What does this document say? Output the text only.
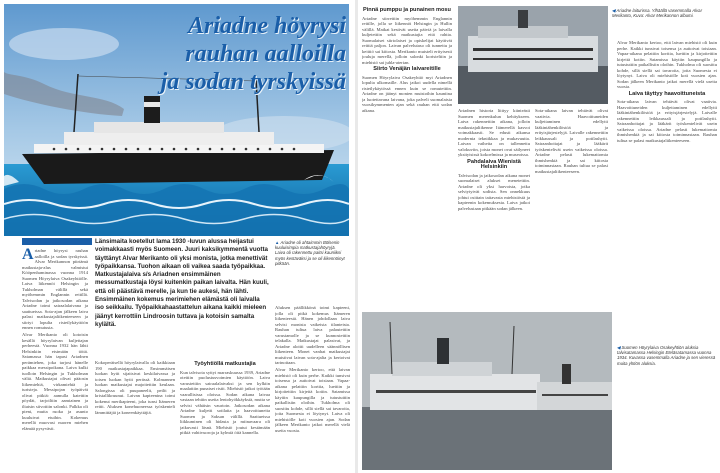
Ariadne höyrysi
rauhan aalloilla
ja sodan tyrskyissä

Ariadne höyrysi rauhan aalloilla ja sodan tyrskyissä. Alvar Merikannon piirtämä matkustaja-alus valmistui Kööpenhaminassa vuonna 1914 Suomen Höyrylaiva Osakeyhtiölle. Laiva liikennöi Helsingin ja Tukholman välillä sekä myöhemmin Englannin reitillä. Talvisodan ja jatkosodan aikana Ariadne toimi sairaalalaivana ja saattueissa. Sota-ajan jälkeen laiva palasi matkustajaliikenteeseen ja siirtyi lopulta risteilykäyttöön ennen romutusta.

Alvar Merikanto oli kotoisin kesällä höyrylaivan kuljettajan perheestä. Vuonna 1932 hän lähti Helsinkiin etsimään töitä. Satamassa hän tapasi Ariadnen perämiehen, joka tarjosi hänelle paikkaa messipoikana. Laiva kulki tuolloin Helsingin ja Tukholman väliä. Matkustajat olivat pääosin liikemiehiä, virkamiehiä ja turisteja. Messipojan työpäivät olivat pitkiä: aamulla katettiin pöydät, tarjoiltiin aamiainen ja iltaisin siivottiin salonki. Palkka oli pieni, mutta ruoka ja asunto kuuluivat etuihin. Kokemus merellä muovasi nuoren miehen elämää pysyvästi.

Länsimaita koetellut lama 1930 -luvun alussa heijastui voimakkaasti myös Suomeen. Juuri kaksikymmentä vuotta täyttänyt Alvar Merikanto oli yksi monista, jotka menettivät työpaikkansa. Tuohon aikaan oli vaikea saada työpaikkaa. Matkustajalaiva s/s Ariadnen ensimmäinen messumatkustaja löysi kuitenkin paikan laivalta. Hän kuuli, että oli päästävä merelle, ja kun tie aukesi, hän lähti. Ensimmäinen kokemus merimiehen elämästä oli laivalla iso seikkailu. Työpaikkahaastattelun aikana kaikki mieleen jäänyt kerrottiin Lindroosin tuttava ja kotoisin samalta kylältä.

Kokoperäisellä höyrylaivalla oli kaikkiaan 190 matkustajapaikkaa. Ensimmäisen luokan hytit sijaitsivat keskilaivassa ja toisen luokan hytit perässä. Kolmannen luokan matkustajat majoitettiin keulaan. Salongissa oli puupaneelit, peilit ja kristallikruunut. Laivan kapteenina toimi kokenut merikapteeni, joka tunsi Itämeren reitit. Aluksen konehuoneessa työskenteli lämmittäjiä ja koneenkäyttäjiä.

Työyhtiöllä matkustajia

Kun talvisota syttyi marraskuussa 1939, Ariadne otettiin puolustusvoimien käyttöön. Laiva varustettiin sairaalalaivaksi ja sen kylkiin maalattiin punaiset ristit. Miehistö jatkoi työtään vaarallisissa oloissa. Sodan aikana laivaa vastaan tehtiin useita lentohyökkäyksiä, mutta se selvisi vähäisin vaurioin. Jatkosodan aikana Ariadne kuljetti sotilaita ja haavoittuneita Suomen ja Saksan välillä. Saattueissa liikkuminen oli hidasta ja miinavaara oli jatkuvasti läsnä. Miehistö joutui kestämään pitkiä vahtivuoroja ja kylmiä öitä kannella.

▲ Ariadne oli ahtaimmin Bölsenin kuuluisimpia matkustajahöyryjä. Laiva oli rakennettu paitsi kauniiksi myös kestäväksi ja se oli liikennöinyt pitkään.

Aluksen päällikkönä toimi kapteeni, jolla oli pitkä kokemus Itämeren liikenteestä. Hänen johdollaan laiva selvisi monista vaikeista tilanteista. Rauhan tultua laiva palautettiin varustamolle ja se kunnostettiin telakalla. Matkustajat palasivat, ja Ariadne aloitti uudelleen säännöllisen liikenteen. Monet vanhat matkustajat muistivat laivan sota-ajalta ja kertoivat tarinoitaan.

Alvar Merikanto kertoo, että laivan miehistö oli kuin perhe. Kaikki tunsivat toisensa ja auttoivat toisiaan. Vapaa-aikana pelattiin korttia, luettiin ja kirjoitettiin kirjeitä kotiin. Satamissa käytiin kaupungilla ja tutustuttiin paikallisiin oloihin. Tukholma oli suosittu kohde, sillä siellä sai tavaroita, joita Suomesta ei löytynyt. Laiva oli miehistölle koti vuosien ajan. Sodan jälkeen Merikanto jatkoi merellä vielä useita vuosia.

Pinnä pumppu ja punainen mosu

Ariadne siirrettiin myöhemmin Englannin reitille, jolla se liikennöi Helsingin ja Hullin välillä. Matkat kestivät useita päiviä ja laivalla kuljetettiin sekä matkustajia että rahtia. Suomalaiset siirtolaiset ja opiskelijat käyttivät reittiä paljon. Laivan palvelutaso oli tunnettu ja keittiö sai kiitosta. Merikanto muisteli erityisesti jouluja merellä, jolloin salonki koristeltiin ja miehistö sai juhla-aterian.

Siirto Venäjän laivareitille

Suomen Höyrylaiva Osakeyhtiö myi Ariadnen lopulta ulkomaille. Alus jatkoi uudella nimellä risteilykäytössä ennen kuin se romutettiin. Ariadne on jäänyt monien muistoihin kauniina ja luotettavana laivana, joka palveli suomalaisia vuosikymmenten ajan sekä rauhan että sodan aikana.

◀ Ariadne laiturissa. Ylhäällä vasemmalla Alvar Merikanto, Kuva: Alvar Merikannon albumi.

Ariadnen historia liittyy kiinteästi Suomen merenkulun kehitykseen. Laiva rakennettiin aikana, jolloin matkustajaliikenne Itämerellä kasvoi voimakkaasti. Se edusti aikansa modernia tekniikkaa ja mukavuutta. Laivan vaiheita on tallennettu valokuviin, joista monet ovat säilyneet yksityisissä kokoelmissa ja museoissa.

Pahdalaiva Wienistä Helsinkiin

Talvisodan ja jatkosodan aikana monet suomalaiset alukset menetettiin. Ariadne oli yksi harvoista, jotka selviytyivät sodista. Sen onnekkuus johtui osittain taitavasta miehistöstä ja kapteenin kokemuksesta. Laiva jatkoi palvelustaan pitkään sodan jälkeen.

Sota-aikana laivan tehtävät olivat vaativia. Haavoittuneiden kuljettaminen edellytti lääkintähenkilöstöä ja erityisjärjestelyjä. Laivalle rakennettiin leikkaussali ja potilashytit. Sairaanhoitajat ja lääkärit työskentelivät usein vaikeissa oloissa. Ariadne pelasti lukemattomia ihmishenkiä ja sai kiitosta toiminnastaan. Rauhan tultua se palasi matkustajaliikenteeseen.

Alvar Merikanto kertoo, että laivan miehistö oli kuin perhe. Kaikki tunsivat toisensa ja auttoivat toisiaan. Vapaa-aikana pelattiin korttia, luettiin ja kirjoitettiin kirjeitä kotiin. Satamissa käytiin kaupungilla ja tutustuttiin paikallisiin oloihin. Tukholma oli suosittu kohde, sillä siellä sai tavaroita, joita Suomesta ei löytynyt. Laiva oli miehistölle koti vuosien ajan. Sodan jälkeen Merikanto jatkoi merellä vielä useita vuosia.

Laiva täyttyy haavoittuneista

Sota-aikana laivan tehtävät olivat vaativia. Haavoittuneiden kuljettaminen edellytti lääkintähenkilöstöä ja erityisjärjestelyjä. Laivalle rakennettiin leikkaussali ja potilashytit. Sairaanhoitajat ja lääkärit työskentelivät usein vaikeissa oloissa. Ariadne pelasti lukemattomia ihmishenkiä ja sai kiitosta toiminnastaan. Rauhan tultua se palasi matkustajaliikenteeseen.

◀ Suomen Höyrylaiva Osakeyhtiön aluksia talvisatamassa Helsingin Eteläsatamassa vuonna 1934. Kuvassa vasemmalla Ariadne ja sen vieressä muita yhtiön aluksia.
